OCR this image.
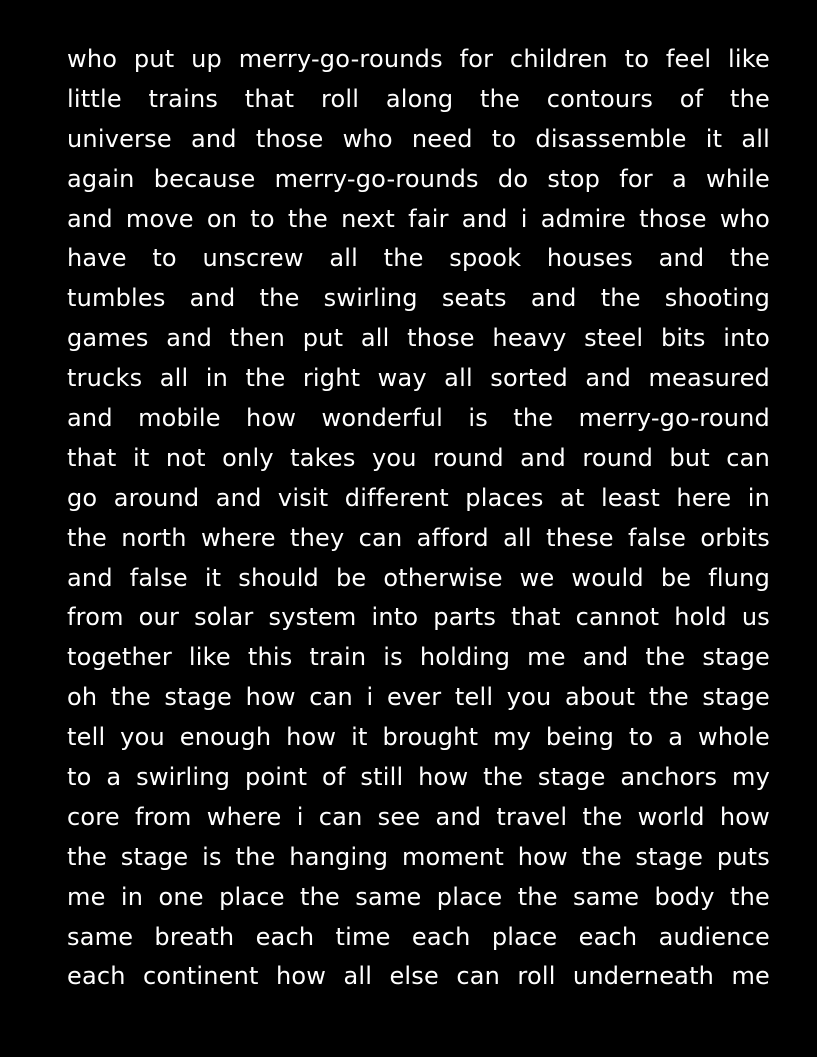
who put up merry-go-rounds for children to feel like
little trains that roll along the contours of the
universe and those who need to disassemble it all
again because merry-go-rounds do stop for a while
and move on to the next fair and i admire those who
have to unscrew all the spook houses and the
tumbles and the swirling seats and the shooting
games and then put all those heavy steel bits into
trucks all in the right way all sorted and measured
and mobile how wonderful is the merry-go-round
that it not only takes you round and round but can
go around and visit different places at least here in
the north where they can afford all these false orbits
and false it should be otherwise we would be flung
from our solar system into parts that cannot hold us
together like this train is holding me and the stage
oh the stage how can i ever tell you about the stage
tell you enough how it brought my being to a whole
to a swirling point of still how the stage anchors my
core from where i can see and travel the world how
the stage is the hanging moment how the stage puts
me in one place the same place the same body the
same breath each time each place each audience
each continent how all else can roll underneath me
